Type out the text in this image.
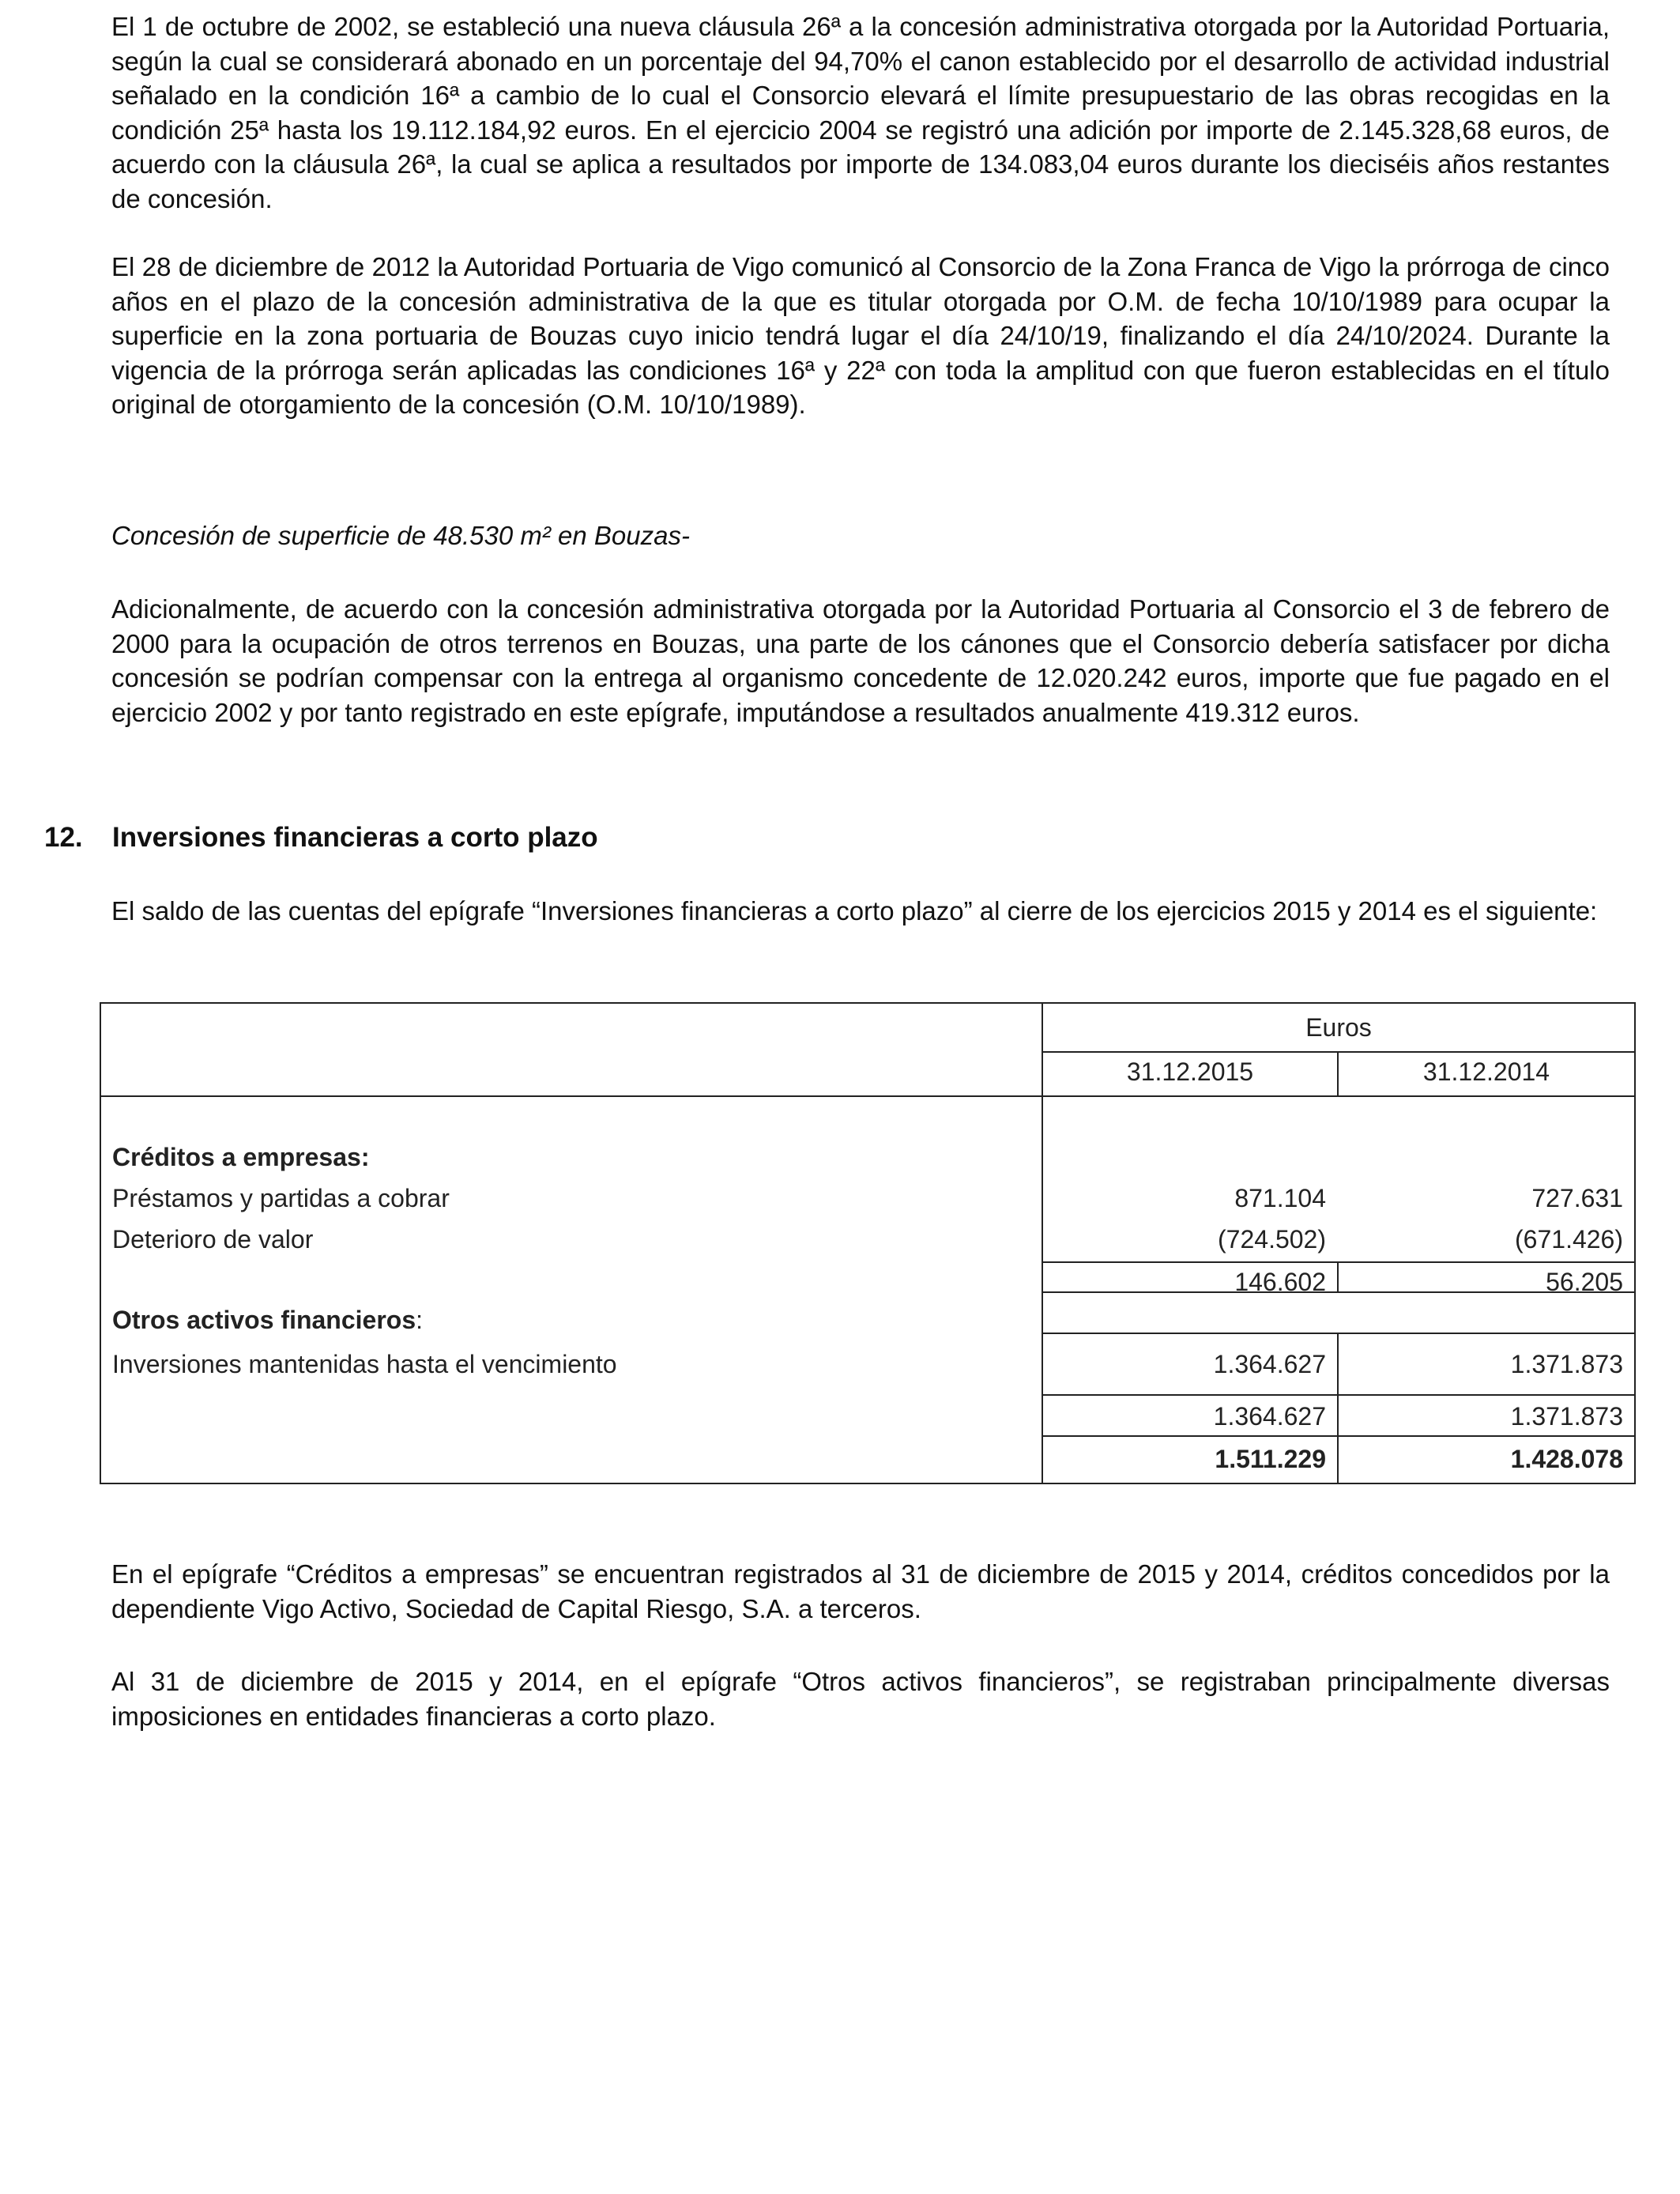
El 1 de octubre de 2002, se estableció una nueva cláusula 26ª a la concesión administrativa otorgada por la Autoridad Portuaria, según la cual se considerará abonado en un porcentaje del 94,70% el canon establecido por el desarrollo de actividad industrial señalado en la condición 16ª a cambio de lo cual el Consorcio elevará el límite presupuestario de las obras recogidas en la condición 25ª hasta los 19.112.184,92 euros. En el ejercicio 2004 se registró una adición por importe de 2.145.328,68 euros, de acuerdo con la cláusula 26ª, la cual se aplica a resultados por importe de 134.083,04 euros durante los dieciséis años restantes de concesión.

El 28 de diciembre de 2012 la Autoridad Portuaria de Vigo comunicó al Consorcio de la Zona Franca de Vigo la prórroga de cinco años en el plazo de la concesión administrativa de la que es titular otorgada por O.M. de fecha 10/10/1989 para ocupar la superficie en la zona portuaria de Bouzas cuyo inicio tendrá lugar el día 24/10/19, finalizando el día 24/10/2024. Durante la vigencia de la prórroga serán aplicadas las condiciones 16ª y 22ª con toda la amplitud con que fueron establecidas en el título original de otorgamiento de la concesión (O.M. 10/10/1989).

Concesión de superficie de 48.530 m² en Bouzas-

Adicionalmente, de acuerdo con la concesión administrativa otorgada por la Autoridad Portuaria al Consorcio el 3 de febrero de 2000 para la ocupación de otros terrenos en Bouzas, una parte de los cánones que el Consorcio debería satisfacer por dicha concesión se podrían compensar con la entrega al organismo concedente de 12.020.242 euros, importe que fue pagado en el ejercicio 2002 y por tanto registrado en este epígrafe, imputándose a resultados anualmente 419.312 euros.

12. Inversiones financieras a corto plazo

El saldo de las cuentas del epígrafe “Inversiones financieras a corto plazo” al cierre de los ejercicios 2015 y 2014 es el siguiente:

Euros
31.12.2015	31.12.2014
Créditos a empresas:
Préstamos y partidas a cobrar	871.104	727.631
Deterioro de valor	(724.502)	(671.426)
146.602	56.205
Otros activos financieros:
Inversiones mantenidas hasta el vencimiento	1.364.627	1.371.873
1.364.627	1.371.873
1.511.229	1.428.078

En el epígrafe “Créditos a empresas” se encuentran registrados al 31 de diciembre de 2015 y 2014, créditos concedidos por la dependiente Vigo Activo, Sociedad de Capital Riesgo, S.A. a terceros.

Al 31 de diciembre de 2015 y 2014, en el epígrafe “Otros activos financieros”, se registraban principalmente diversas imposiciones en entidades financieras a corto plazo.
